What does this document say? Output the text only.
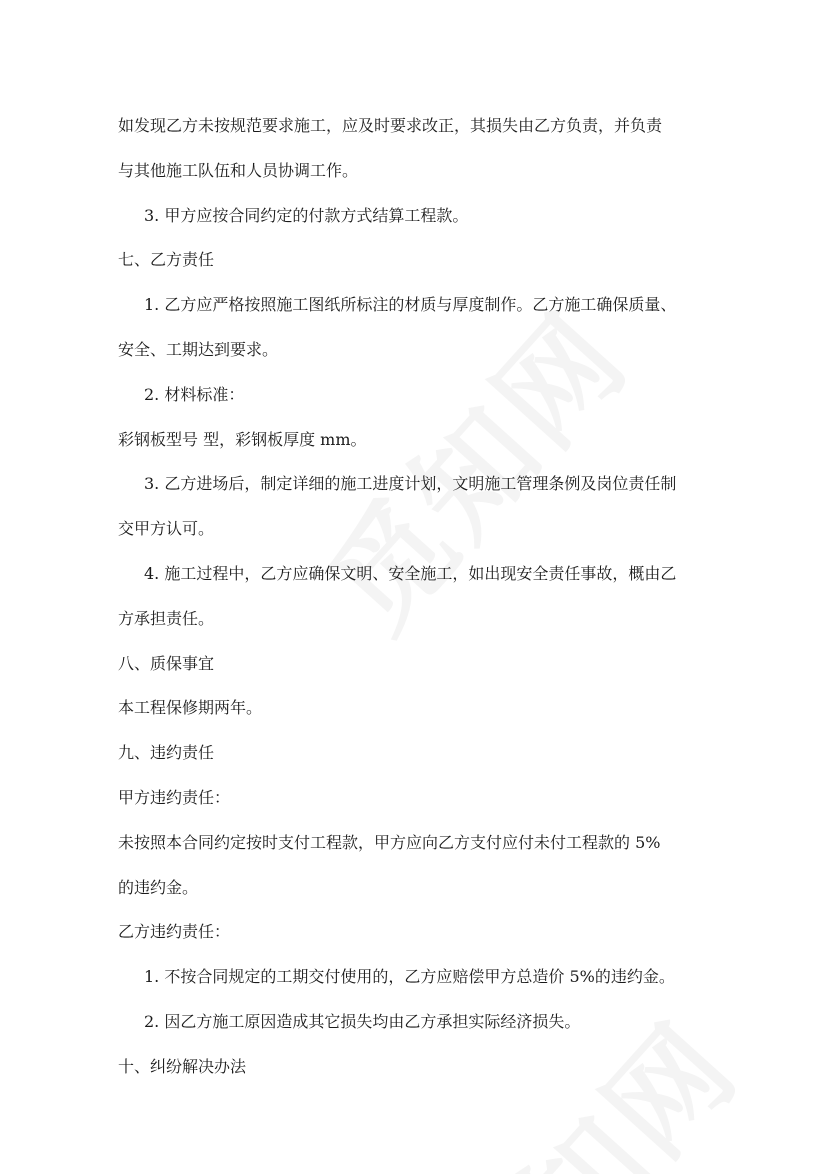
如发现乙方未按规范要求施工，应及时要求改正，其损失由乙方负责，并负责

与其他施工队伍和人员协调工作。

3. 甲方应按合同约定的付款方式结算工程款。

七、乙方责任

1. 乙方应严格按照施工图纸所标注的材质与厚度制作。乙方施工确保质量、

安全、工期达到要求。

2. 材料标准：

彩钢板型号 型，彩钢板厚度 mm。

3. 乙方进场后，制定详细的施工进度计划，文明施工管理条例及岗位责任制

交甲方认可。

4. 施工过程中，乙方应确保文明、安全施工，如出现安全责任事故，概由乙

方承担责任。

八、质保事宜

本工程保修期两年。

九、违约责任

甲方违约责任：

未按照本合同约定按时支付工程款，甲方应向乙方支付应付未付工程款的 5%

的违约金。

乙方违约责任：

1. 不按合同规定的工期交付使用的，乙方应赔偿甲方总造价 5%的违约金。

2. 因乙方施工原因造成其它损失均由乙方承担实际经济损失。

十、纠纷解决办法
